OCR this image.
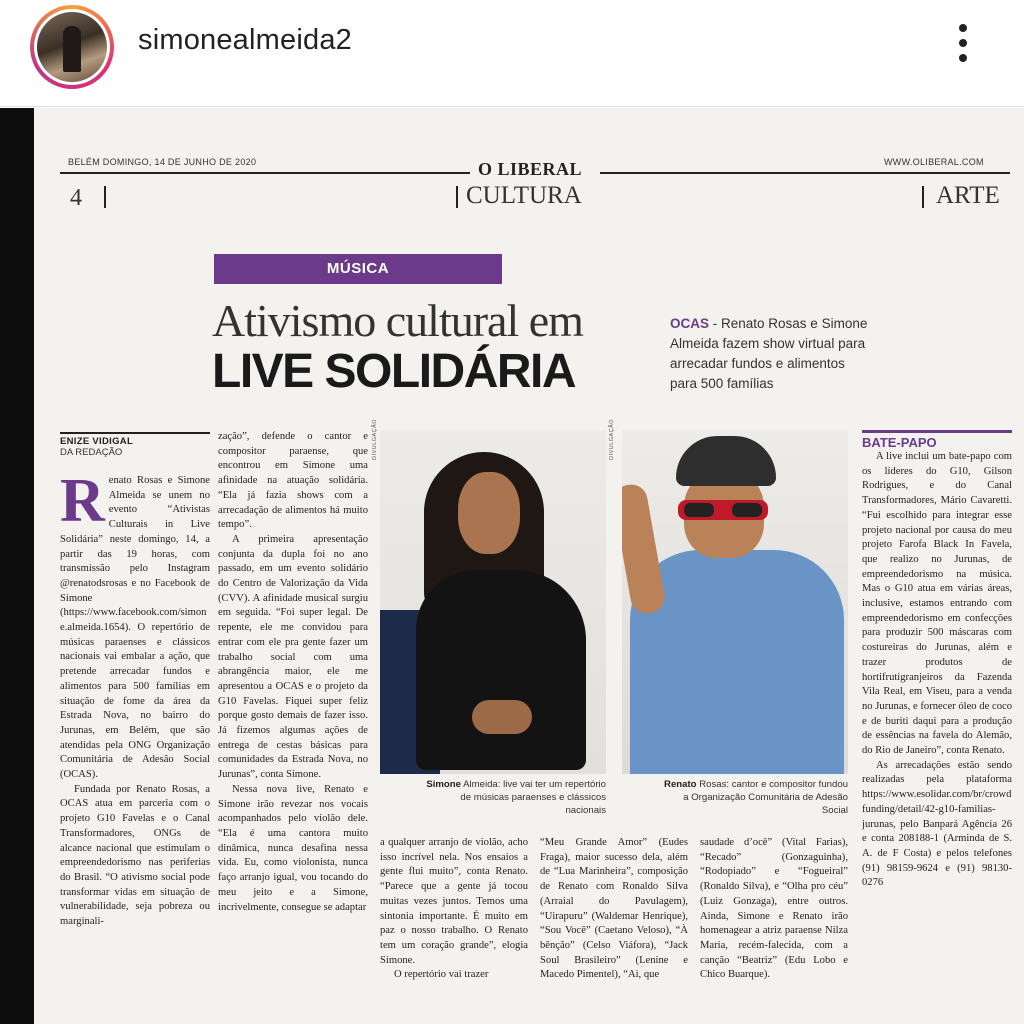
simonealmeida2
BELÉM DOMINGO, 14 DE JUNHO DE 2020	O LIBERAL	WWW.OLIBERAL.COM
4	CULTURA	ARTE
MÚSICA
Ativismo cultural em
LIVE SOLIDÁRIA
OCAS - Renato Rosas e Simone Almeida fazem show virtual para arrecadar fundos e alimentos para 500 famílias
ENIZE VIDIGAL
DA REDAÇÃO
R enato Rosas e Simone Almeida se unem no evento “Ativistas Culturais in Live Solidária” neste domingo, 14, a partir das 19 horas, com transmissão pelo Instagram @renatodsrosas e no Facebook de Simone (https://www.facebook.com/simone.almeida.1654). O repertório de músicas paraenses e clássicos nacionais vai embalar a ação, que pretende arrecadar fundos e alimentos para 500 famílias em situação de fome da área da Estrada Nova, no bairro do Jurunas, em Belém, que são atendidas pela ONG Organização Comunitária de Adesão Social (OCAS).

Fundada por Renato Rosas, a OCAS atua em parceria com o projeto G10 Favelas e o Canal Transformadores, ONGs de alcance nacional que estimulam o empreendedorismo nas periferias do Brasil. “O ativismo social pode transformar vidas em situação de vulnerabilidade, seja pobreza ou marginali-

zação”, defende o cantor e compositor paraense, que encontrou em Simone uma afinidade na atuação solidária. “Ela já fazia shows com a arrecadação de alimentos há muito tempo”.

A primeira apresentação conjunta da dupla foi no ano passado, em um evento solidário do Centro de Valorização da Vida (CVV). A afinidade musical surgiu em seguida. “Foi super legal. De repente, ele me convidou para entrar com ele pra gente fazer um trabalho social com uma abrangência maior, ele me apresentou a OCAS e o projeto da G10 Favelas. Fiquei super feliz porque gosto demais de fazer isso. Já fizemos algumas ações de entrega de cestas básicas para comunidades da Estrada Nova, no Jurunas”, conta Simone.

Nessa nova live, Renato e Simone irão revezar nos vocais acompanhados pelo violão dele. “Ela é uma cantora muito dinâmica, nunca desafina nessa vida. Eu, como violonista, nunca faço arranjo igual, vou tocando do meu jeito e a Simone, incrivelmente, consegue se adaptar

DIVULGAÇÃO	DIVULGAÇÃO
Simone Almeida: live vai ter um repertório de músicas paraenses e clássicos nacionais
Renato Rosas: cantor e compositor fundou a Organização Comunitária de Adesão Social

a qualquer arranjo de violão, acho isso incrível nela. Nos ensaios a gente flui muito”, conta Renato. “Parece que a gente já tocou muitas vezes juntos. Temos uma sintonia importante. É muito em paz o nosso trabalho. O Renato tem um coração grande”, elogia Simone.

O repertório vai trazer

“Meu Grande Amor” (Eudes Fraga), maior sucesso dela, além de “Lua Marinheira”, composição de Renato com Ronaldo Silva (Arraial do Pavulagem), “Uirapuru” (Waldemar Henrique), “Sou Você” (Caetano Veloso), “À bênção” (Celso Viáfora), “Jack Soul Brasileiro” (Lenine e Macedo Pimentel), “Ai, que

saudade d’ocê” (Vital Farias), “Recado” (Gonzaguinha), “Rodopiado” e “Fogueiral” (Ronaldo Silva), e “Olha pro céu” (Luiz Gonzaga), entre outros. Ainda, Simone e Renato irão homenagear a atriz paraense Nilza Maria, recém-falecida, com a canção “Beatriz” (Edu Lobo e Chico Buarque).

BATE-PAPO

A live inclui um bate-papo com os líderes do G10, Gilson Rodrigues, e do Canal Transformadores, Mário Cavaretti. “Fui escolhido para integrar esse projeto nacional por causa do meu projeto Farofa Black In Favela, que realizo no Jurunas, de empreendedorismo na música. Mas o G10 atua em várias áreas, inclusive, estamos entrando com empreendedorismo em confecções para produzir 500 máscaras com costureiras do Jurunas, além e trazer produtos de hortifrutigranjeiros da Fazenda Vila Real, em Viseu, para a venda no Jurunas, e fornecer óleo de coco e de buriti daqui para a produção de essências na favela do Alemão, do Rio de Janeiro”, conta Renato.

As arrecadações estão sendo realizadas pela plataforma https://www.esolidar.com/br/crowdfunding/detail/42-g10-familias-jurunas, pelo Banpará Agência 26 e conta 208188-1 (Arminda de S. A. de F Costa) e pelos telefones (91) 98159-9624 e (91) 98130-0276
